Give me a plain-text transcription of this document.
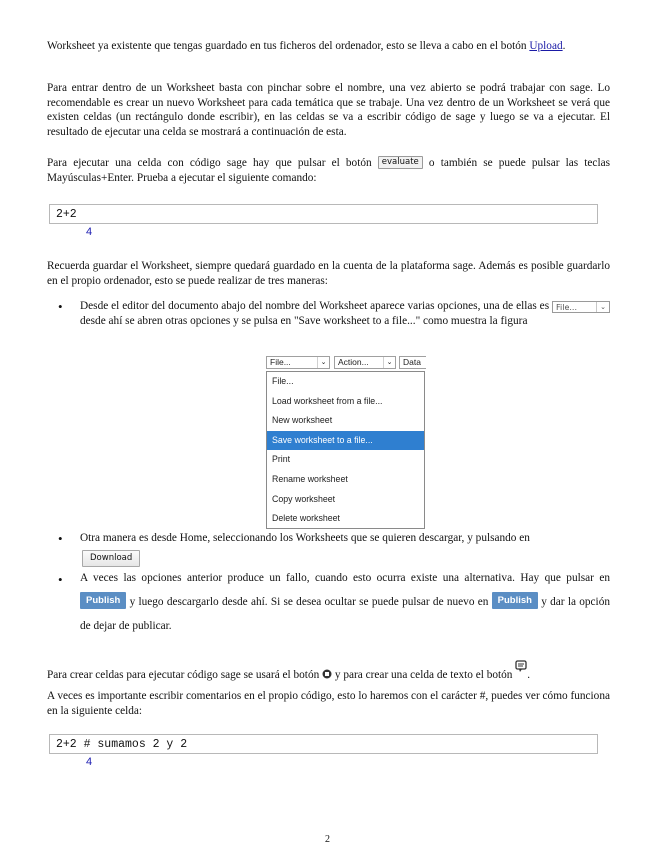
Worksheet ya existente que tengas guardado en tus ficheros del ordenador, esto se lleva a cabo en el botón Upload.

Para entrar dentro de un Worksheet basta con pinchar sobre el nombre, una vez abierto se podrá trabajar con sage. Lo recomendable es crear un nuevo Worksheet para cada temática que se trabaje. Una vez dentro de un Worksheet se verá que existen celdas (un rectángulo donde escribir), en las celdas se va a escribir código de sage y luego se va a ejecutar. El resultado de ejecutar una celda se mostrará a continuación de esta.

Para ejecutar una celda con código sage hay que pulsar el botón evaluate o también se puede pulsar las teclas Mayúsculas+Enter. Prueba a ejecutar el siguiente comando:

2+2
4

Recuerda guardar el Worksheet, siempre quedará guardado en la cuenta de la plataforma sage. Además es posible guardarlo en el propio ordenador, esto se puede realizar de tres maneras:

• Desde el editor del documento abajo del nombre del Worksheet aparece varias opciones, una de ellas es File...	⌄
desde ahí se abren otras opciones y se pulsa en "Save worksheet to a file..." como muestra la figura
File...	⌄	Action...	⌄	Data
File...
Load worksheet from a file...
New worksheet
Save worksheet to a file...
Print
Rename worksheet
Copy worksheet
Delete worksheet
• Otra manera es desde Home, seleccionando los Worksheets que se quieren descargar, y pulsando en
Download
• A veces las opciones anterior produce un fallo, cuando esto ocurra existe una alternativa. Hay que pulsar en Publish y luego descargarlo desde ahí. Si se desea ocultar se puede pulsar de nuevo en Publish y dar la opción de dejar de publicar.

Para crear celdas para ejecutar código sage se usará el botón y para crear una celda de texto el botón .

A veces es importante escribir comentarios en el propio código, esto lo haremos con el carácter #, puedes ver cómo funciona en la siguiente celda:

2+2 # sumamos 2 y 2
4
2
